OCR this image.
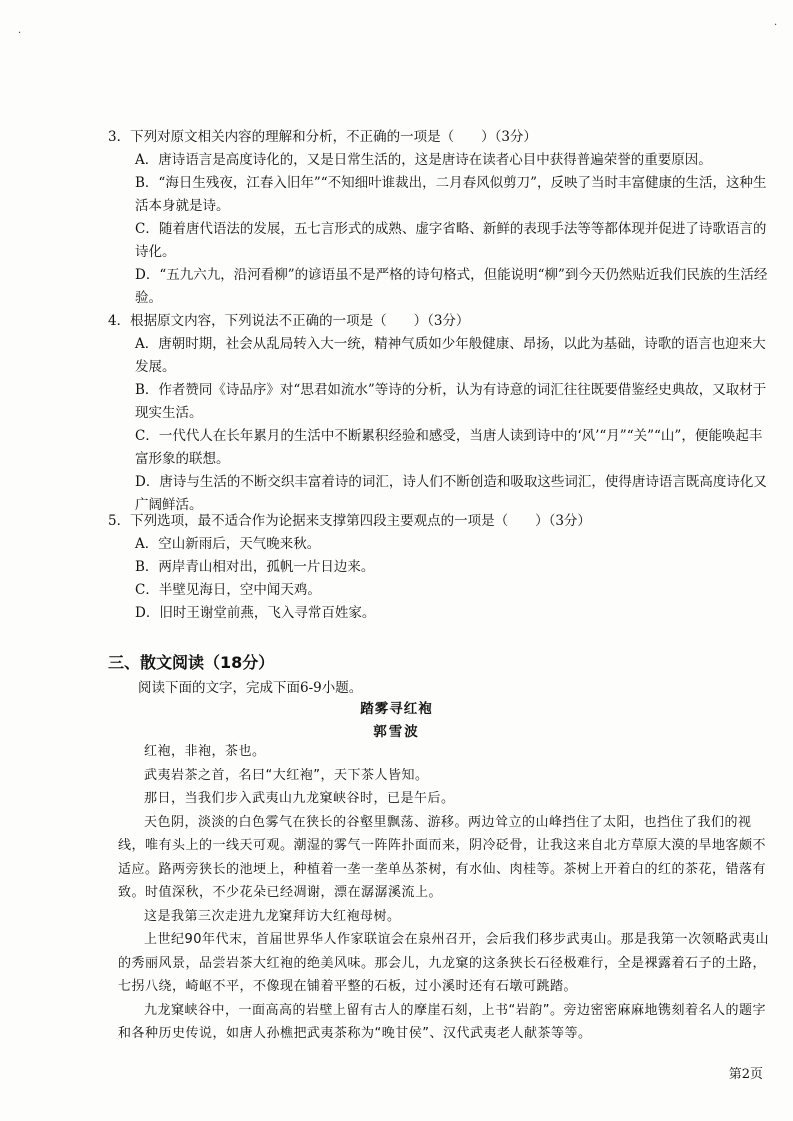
·
·
3．下列对原文相关内容的理解和分析，不正确的一项是（　　）（3分）
A．唐诗语言是高度诗化的，又是日常生活的，这是唐诗在读者心目中获得普遍荣誉的重要原因。
B．“海日生残夜，江春入旧年”“不知细叶谁裁出，二月春风似剪刀”，反映了当时丰富健康的生活，这种生活本身就是诗。
C．随着唐代语法的发展，五七言形式的成熟、虚字省略、新鲜的表现手法等等都体现并促进了诗歌语言的诗化。
D．“五九六九，沿河看柳”的谚语虽不是严格的诗句格式，但能说明“柳”到今天仍然贴近我们民族的生活经验。
4．根据原文内容，下列说法不正确的一项是（　　）（3分）
A．唐朝时期，社会从乱局转入大一统，精神气质如少年般健康、昂扬，以此为基础，诗歌的语言也迎来大发展。
B．作者赞同《诗品序》对“思君如流水”等诗的分析，认为有诗意的词汇往往既要借鉴经史典故，又取材于现实生活。
C．一代代人在长年累月的生活中不断累积经验和感受，当唐人读到诗中的‘风’“月”“关”“山”，便能唤起丰富形象的联想。
D．唐诗与生活的不断交织丰富着诗的词汇，诗人们不断创造和吸取这些词汇，使得唐诗语言既高度诗化又广阔鲜活。
5．下列选项，最不适合作为论据来支撑第四段主要观点的一项是（　　）（3分）
A．空山新雨后，天气晚来秋。
B．两岸青山相对出，孤帆一片日边来。
C．半壁见海日，空中闻天鸡。
D．旧时王谢堂前燕，飞入寻常百姓家。
三、散文阅读（18分）
阅读下面的文字，完成下面6-9小题。
踏雾寻红袍
郭雪波

红袍，非袍，茶也。

武夷岩茶之首，名曰“大红袍”，天下茶人皆知。

那日，当我们步入武夷山九龙窠峡谷时，已是午后。

天色阴，淡淡的白色雾气在狭长的谷壑里飘荡、游移。两边耸立的山峰挡住了太阳，也挡住了我们的视线，唯有头上的一线天可观。潮湿的雾气一阵阵扑面而来，阴冷砭骨，让我这来自北方草原大漠的旱地客颇不适应。路两旁狭长的池埂上，种植着一垄一垄单丛茶树，有水仙、肉桂等。茶树上开着白的红的茶花，错落有致。时值深秋，不少花朵已经凋谢，漂在潺潺溪流上。

这是我第三次走进九龙窠拜访大红袍母树。

上世纪90年代末，首届世界华人作家联谊会在泉州召开，会后我们移步武夷山。那是我第一次领略武夷山的秀丽风景，品尝岩茶大红袍的绝美风味。那会儿，九龙窠的这条狭长石径极难行，全是裸露着石子的土路，七拐八绕，崎岖不平，不像现在铺着平整的石板，过小溪时还有石墩可跳踏。

九龙窠峡谷中，一面高高的岩壁上留有古人的摩崖石刻，上书“岩韵”。旁边密密麻麻地镌刻着名人的题字和各种历史传说，如唐人孙樵把武夷茶称为“晚甘侯”、汉代武夷老人献茶等等。

第2页
